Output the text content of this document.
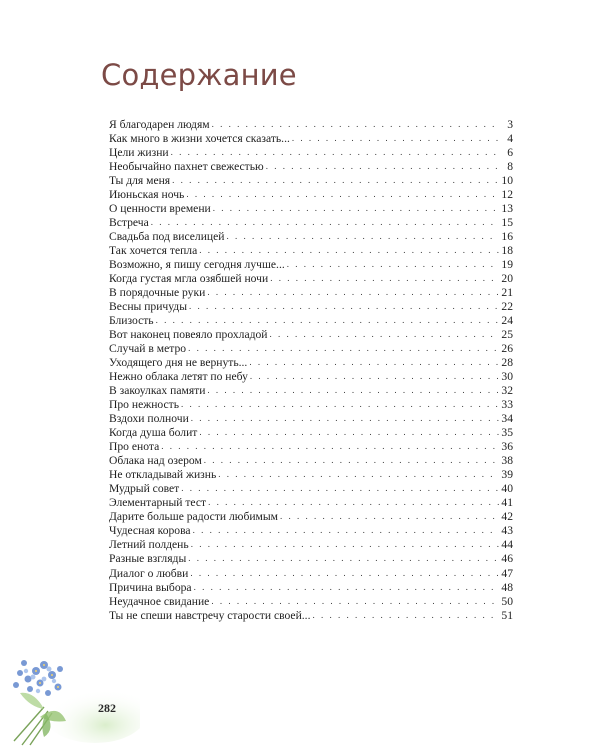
Содержание
Я благодарен людям . . .	3
Как много в жизни хочется сказать... . . .	4
Цели жизни . . .	6
Необычайно пахнет свежестью . . .	8
Ты для меня . . .	10
Июньская ночь . . .	12
О ценности времени . . .	13
Встреча . . .	15
Свадьба под виселицей . . .	16
Так хочется тепла . . .	18
Возможно, я пишу сегодня лучше... . . .	19
Когда густая мгла озябшей ночи . . .	20
В порядочные руки . . .	21
Весны причуды . . .	22
Близость . . .	24
Вот наконец повеяло прохладой . . .	25
Случай в метро . . .	26
Уходящего дня не вернуть... . . .	28
Нежно облака летят по небу . . .	30
В закоулках памяти . . .	32
Про нежность . . .	33
Вздохи полночи . . .	34
Когда душа болит . . .	35
Про енота . . .	36
Облака над озером . . .	38
Не откладывай жизнь . . .	39
Мудрый совет . . .	40
Элементарный тест . . .	41
Дарите больше радости любимым . . .	42
Чудесная корова . . .	43
Летний полдень . . .	44
Разные взгляды . . .	46
Диалог о любви . . .	47
Причина выбора . . .	48
Неудачное свидание . . .	50
Ты не спеши навстречу старости своей... . . .	51
282
